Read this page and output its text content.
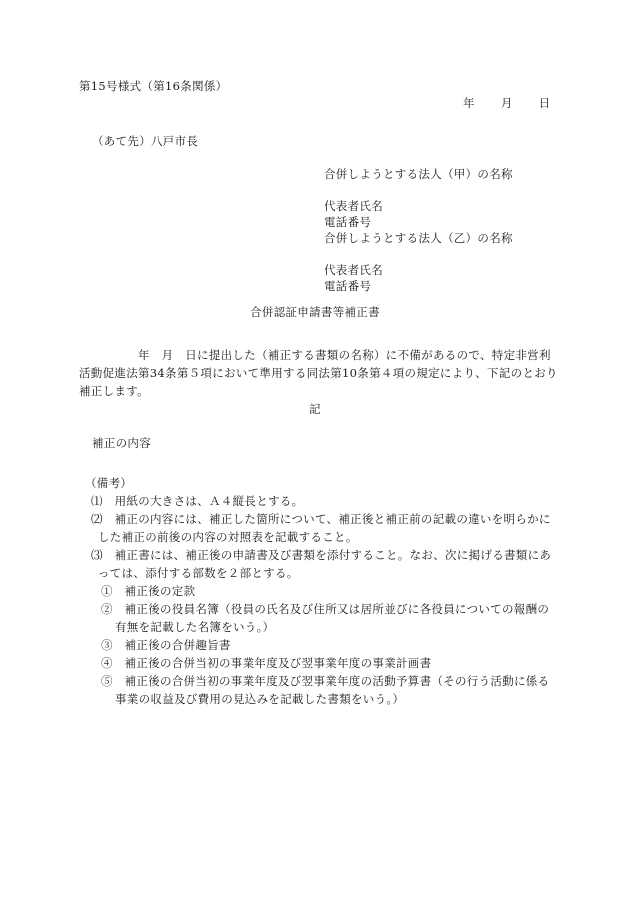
第15号様式（第16条関係）
年 月 日
（あて先）八戸市長
合併しようとする法人（甲）の名称
代表者氏名
電話番号
合併しようとする法人（乙）の名称
代表者氏名
電話番号
合併認証申請書等補正書
　　　　　年　月　日に提出した（補正する書類の名称）に不備があるので、特定非営利
活動促進法第34条第５項において準用する同法第10条第４項の規定により、下記のとおり
補正します。
記
補正の内容
（備考）
⑴　用紙の大きさは、Ａ４縦長とする。
⑵　補正の内容には、補正した箇所について、補正後と補正前の記載の違いを明らかに
した補正の前後の内容の対照表を記載すること。
⑶　補正書には、補正後の申請書及び書類を添付すること。なお、次に掲げる書類にあ
っては、添付する部数を２部とする。
①　補正後の定款
②　補正後の役員名簿（役員の氏名及び住所又は居所並びに各役員についての報酬の
有無を記載した名簿をいう。）
③　補正後の合併趣旨書
④　補正後の合併当初の事業年度及び翌事業年度の事業計画書
⑤　補正後の合併当初の事業年度及び翌事業年度の活動予算書（その行う活動に係る
事業の収益及び費用の見込みを記載した書類をいう。）
